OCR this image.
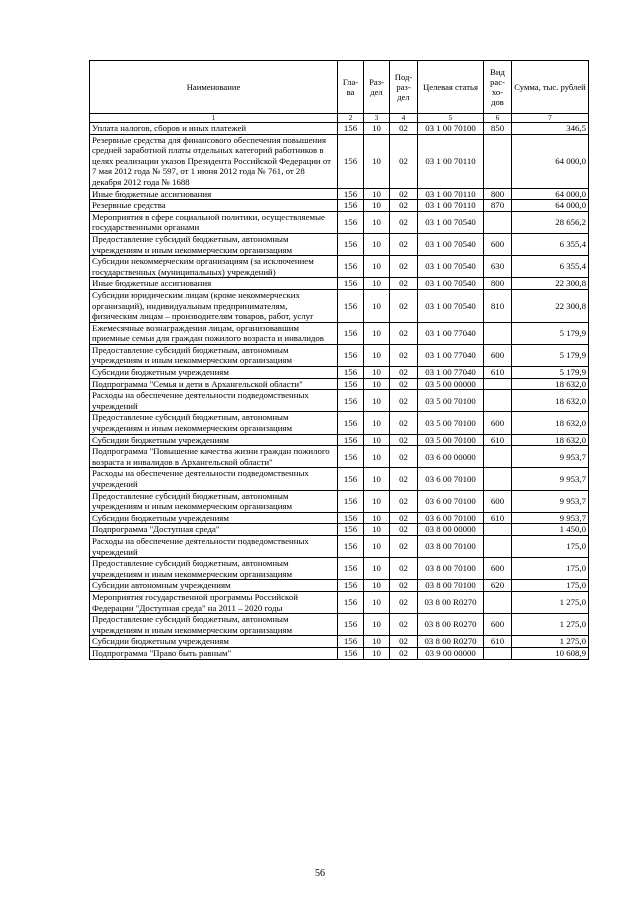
Наименование	Гла-ва	Раз-дел	Под-раз-дел	Целевая статья	Вид рас-хо-дов	Сумма, тыс. рублей
1	2	3	4	5	6	7
Уплата налогов, сборов и иных платежей	156	10	02	03 1 00 70100	850	346,5
Резервные средства для финансового обеспечения повышения средней заработной платы отдельных категорий работников в целях реализации указов Президента Российской Федерации от 7 мая 2012 года № 597, от 1 июня 2012 года № 761, от 28 декабря 2012 года № 1688	156	10	02	03 1 00 70110		64 000,0
Иные бюджетные ассигнования	156	10	02	03 1 00 70110	800	64 000,0
Резервные средства	156	10	02	03 1 00 70110	870	64 000,0
Мероприятия в сфере социальной политики, осуществляемые государственными органами	156	10	02	03 1 00 70540		28 656,2
Предоставление субсидий бюджетным, автономным учреждениям и иным некоммерческим организациям	156	10	02	03 1 00 70540	600	6 355,4
Субсидии некоммерческим организациям (за исключением государственных (муниципальных) учреждений)	156	10	02	03 1 00 70540	630	6 355,4
Иные бюджетные ассигнования	156	10	02	03 1 00 70540	800	22 300,8
Субсидии юридическим лицам (кроме некоммерческих организаций), индивидуальным предпринимателям, физическим лицам – производителям товаров, работ, услуг	156	10	02	03 1 00 70540	810	22 300,8
Ежемесячные вознаграждения лицам, организовавшим приемные семьи для граждан пожилого возраста и инвалидов	156	10	02	03 1 00 77040		5 179,9
Предоставление субсидий бюджетным, автономным учреждениям и иным некоммерческим организациям	156	10	02	03 1 00 77040	600	5 179,9
Субсидии бюджетным учреждениям	156	10	02	03 1 00 77040	610	5 179,9
Подпрограмма "Семья и дети в Архангельской области"	156	10	02	03 5 00 00000		18 632,0
Расходы на обеспечение деятельности подведомственных учреждений	156	10	02	03 5 00 70100		18 632,0
Предоставление субсидий бюджетным, автономным учреждениям и иным некоммерческим организациям	156	10	02	03 5 00 70100	600	18 632,0
Субсидии бюджетным учреждениям	156	10	02	03 5 00 70100	610	18 632,0
Подпрограмма "Повышение качества жизни граждан пожилого возраста и инвалидов в Архангельской области"	156	10	02	03 6 00 00000		9 953,7
Расходы на обеспечение деятельности подведомственных учреждений	156	10	02	03 6 00 70100		9 953,7
Предоставление субсидий бюджетным, автономным учреждениям и иным некоммерческим организациям	156	10	02	03 6 00 70100	600	9 953,7
Субсидии бюджетным учреждениям	156	10	02	03 6 00 70100	610	9 953,7
Подпрограмма "Доступная среда"	156	10	02	03 8 00 00000		1 450,0
Расходы на обеспечение деятельности подведомственных учреждений	156	10	02	03 8 00 70100		175,0
Предоставление субсидий бюджетным, автономным учреждениям и иным некоммерческим организациям	156	10	02	03 8 00 70100	600	175,0
Субсидии автономным учреждениям	156	10	02	03 8 00 70100	620	175,0
Мероприятия государственной программы Российской Федерации "Доступная среда" на 2011 – 2020 годы	156	10	02	03 8 00 R0270		1 275,0
Предоставление субсидий бюджетным, автономным учреждениям и иным некоммерческим организациям	156	10	02	03 8 00 R0270	600	1 275,0
Субсидии бюджетным учреждениям	156	10	02	03 8 00 R0270	610	1 275,0
Подпрограмма "Право быть равным"	156	10	02	03 9 00 00000		10 608,9
56
